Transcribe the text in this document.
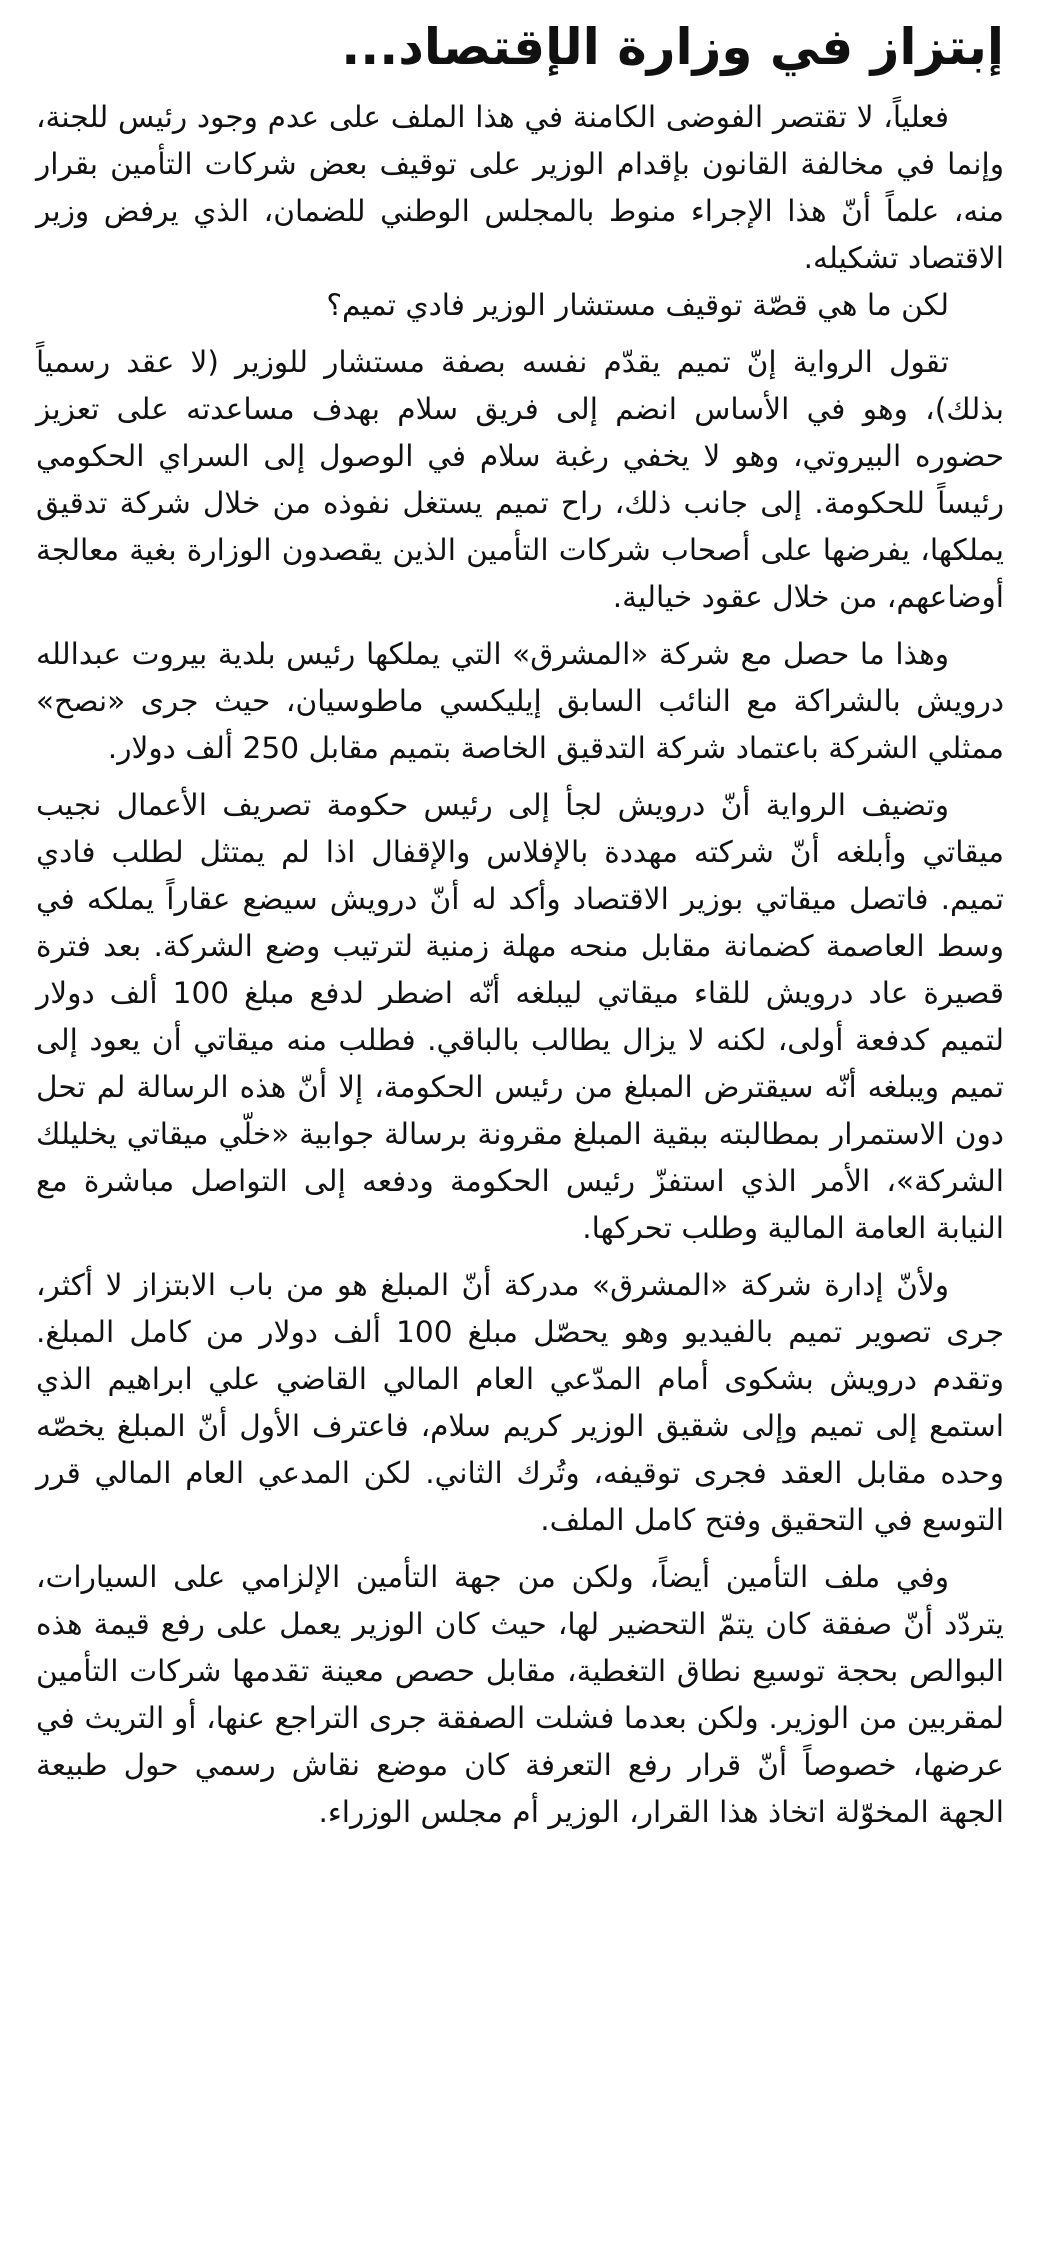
إبتزاز في وزارة الإقتصاد...

فعلياً، لا تقتصر الفوضى الكامنة في هذا الملف على عدم وجود رئيس للجنة، وإنما في مخالفة القانون بإقدام الوزير على توقيف بعض شركات التأمين بقرار منه، علماً أنّ هذا الإجراء منوط بالمجلس الوطني للضمان، الذي يرفض وزير الاقتصاد تشكيله.

لكن ما هي قصّة توقيف مستشار الوزير فادي تميم؟

تقول الرواية إنّ تميم يقدّم نفسه بصفة مستشار للوزير (لا عقد رسمياً بذلك)، وهو في الأساس انضم إلى فريق سلام بهدف مساعدته على تعزيز حضوره البيروتي، وهو لا يخفي رغبة سلام في الوصول إلى السراي الحكومي رئيساً للحكومة. إلى جانب ذلك، راح تميم يستغل نفوذه من خلال شركة تدقيق يملكها، يفرضها على أصحاب شركات التأمين الذين يقصدون الوزارة بغية معالجة أوضاعهم، من خلال عقود خيالية.

وهذا ما حصل مع شركة «المشرق» التي يملكها رئيس بلدية بيروت عبدالله درويش بالشراكة مع النائب السابق إيليكسي ماطوسيان، حيث جرى «نصح» ممثلي الشركة باعتماد شركة التدقيق الخاصة بتميم مقابل 250 ألف دولار.

وتضيف الرواية أنّ درويش لجأ إلى رئيس حكومة تصريف الأعمال نجيب ميقاتي وأبلغه أنّ شركته مهددة بالإفلاس والإقفال اذا لم يمتثل لطلب فادي تميم. فاتصل ميقاتي بوزير الاقتصاد وأكد له أنّ درويش سيضع عقاراً يملكه في وسط العاصمة كضمانة مقابل منحه مهلة زمنية لترتيب وضع الشركة. بعد فترة قصيرة عاد درويش للقاء ميقاتي ليبلغه أنّه اضطر لدفع مبلغ 100 ألف دولار لتميم كدفعة أولى، لكنه لا يزال يطالب بالباقي. فطلب منه ميقاتي أن يعود إلى تميم ويبلغه أنّه سيقترض المبلغ من رئيس الحكومة، إلا أنّ هذه الرسالة لم تحل دون الاستمرار بمطالبته ببقية المبلغ مقرونة برسالة جوابية «خلّي ميقاتي يخليلك الشركة»، الأمر الذي استفزّ رئيس الحكومة ودفعه إلى التواصل مباشرة مع النيابة العامة المالية وطلب تحركها.

ولأنّ إدارة شركة «المشرق» مدركة أنّ المبلغ هو من باب الابتزاز لا أكثر، جرى تصوير تميم بالفيديو وهو يحصّل مبلغ 100 ألف دولار من كامل المبلغ. وتقدم درويش بشكوى أمام المدّعي العام المالي القاضي علي ابراهيم الذي استمع إلى تميم وإلى شقيق الوزير كريم سلام، فاعترف الأول أنّ المبلغ يخصّه وحده مقابل العقد فجرى توقيفه، وتُرك الثاني. لكن المدعي العام المالي قرر التوسع في التحقيق وفتح كامل الملف.

وفي ملف التأمين أيضاً، ولكن من جهة التأمين الإلزامي على السيارات، يتردّد أنّ صفقة كان يتمّ التحضير لها، حيث كان الوزير يعمل على رفع قيمة هذه البوالص بحجة توسيع نطاق التغطية، مقابل حصص معينة تقدمها شركات التأمين لمقربين من الوزير. ولكن بعدما فشلت الصفقة جرى التراجع عنها، أو التريث في عرضها، خصوصاً أنّ قرار رفع التعرفة كان موضع نقاش رسمي حول طبيعة الجهة المخوّلة اتخاذ هذا القرار، الوزير أم مجلس الوزراء.
